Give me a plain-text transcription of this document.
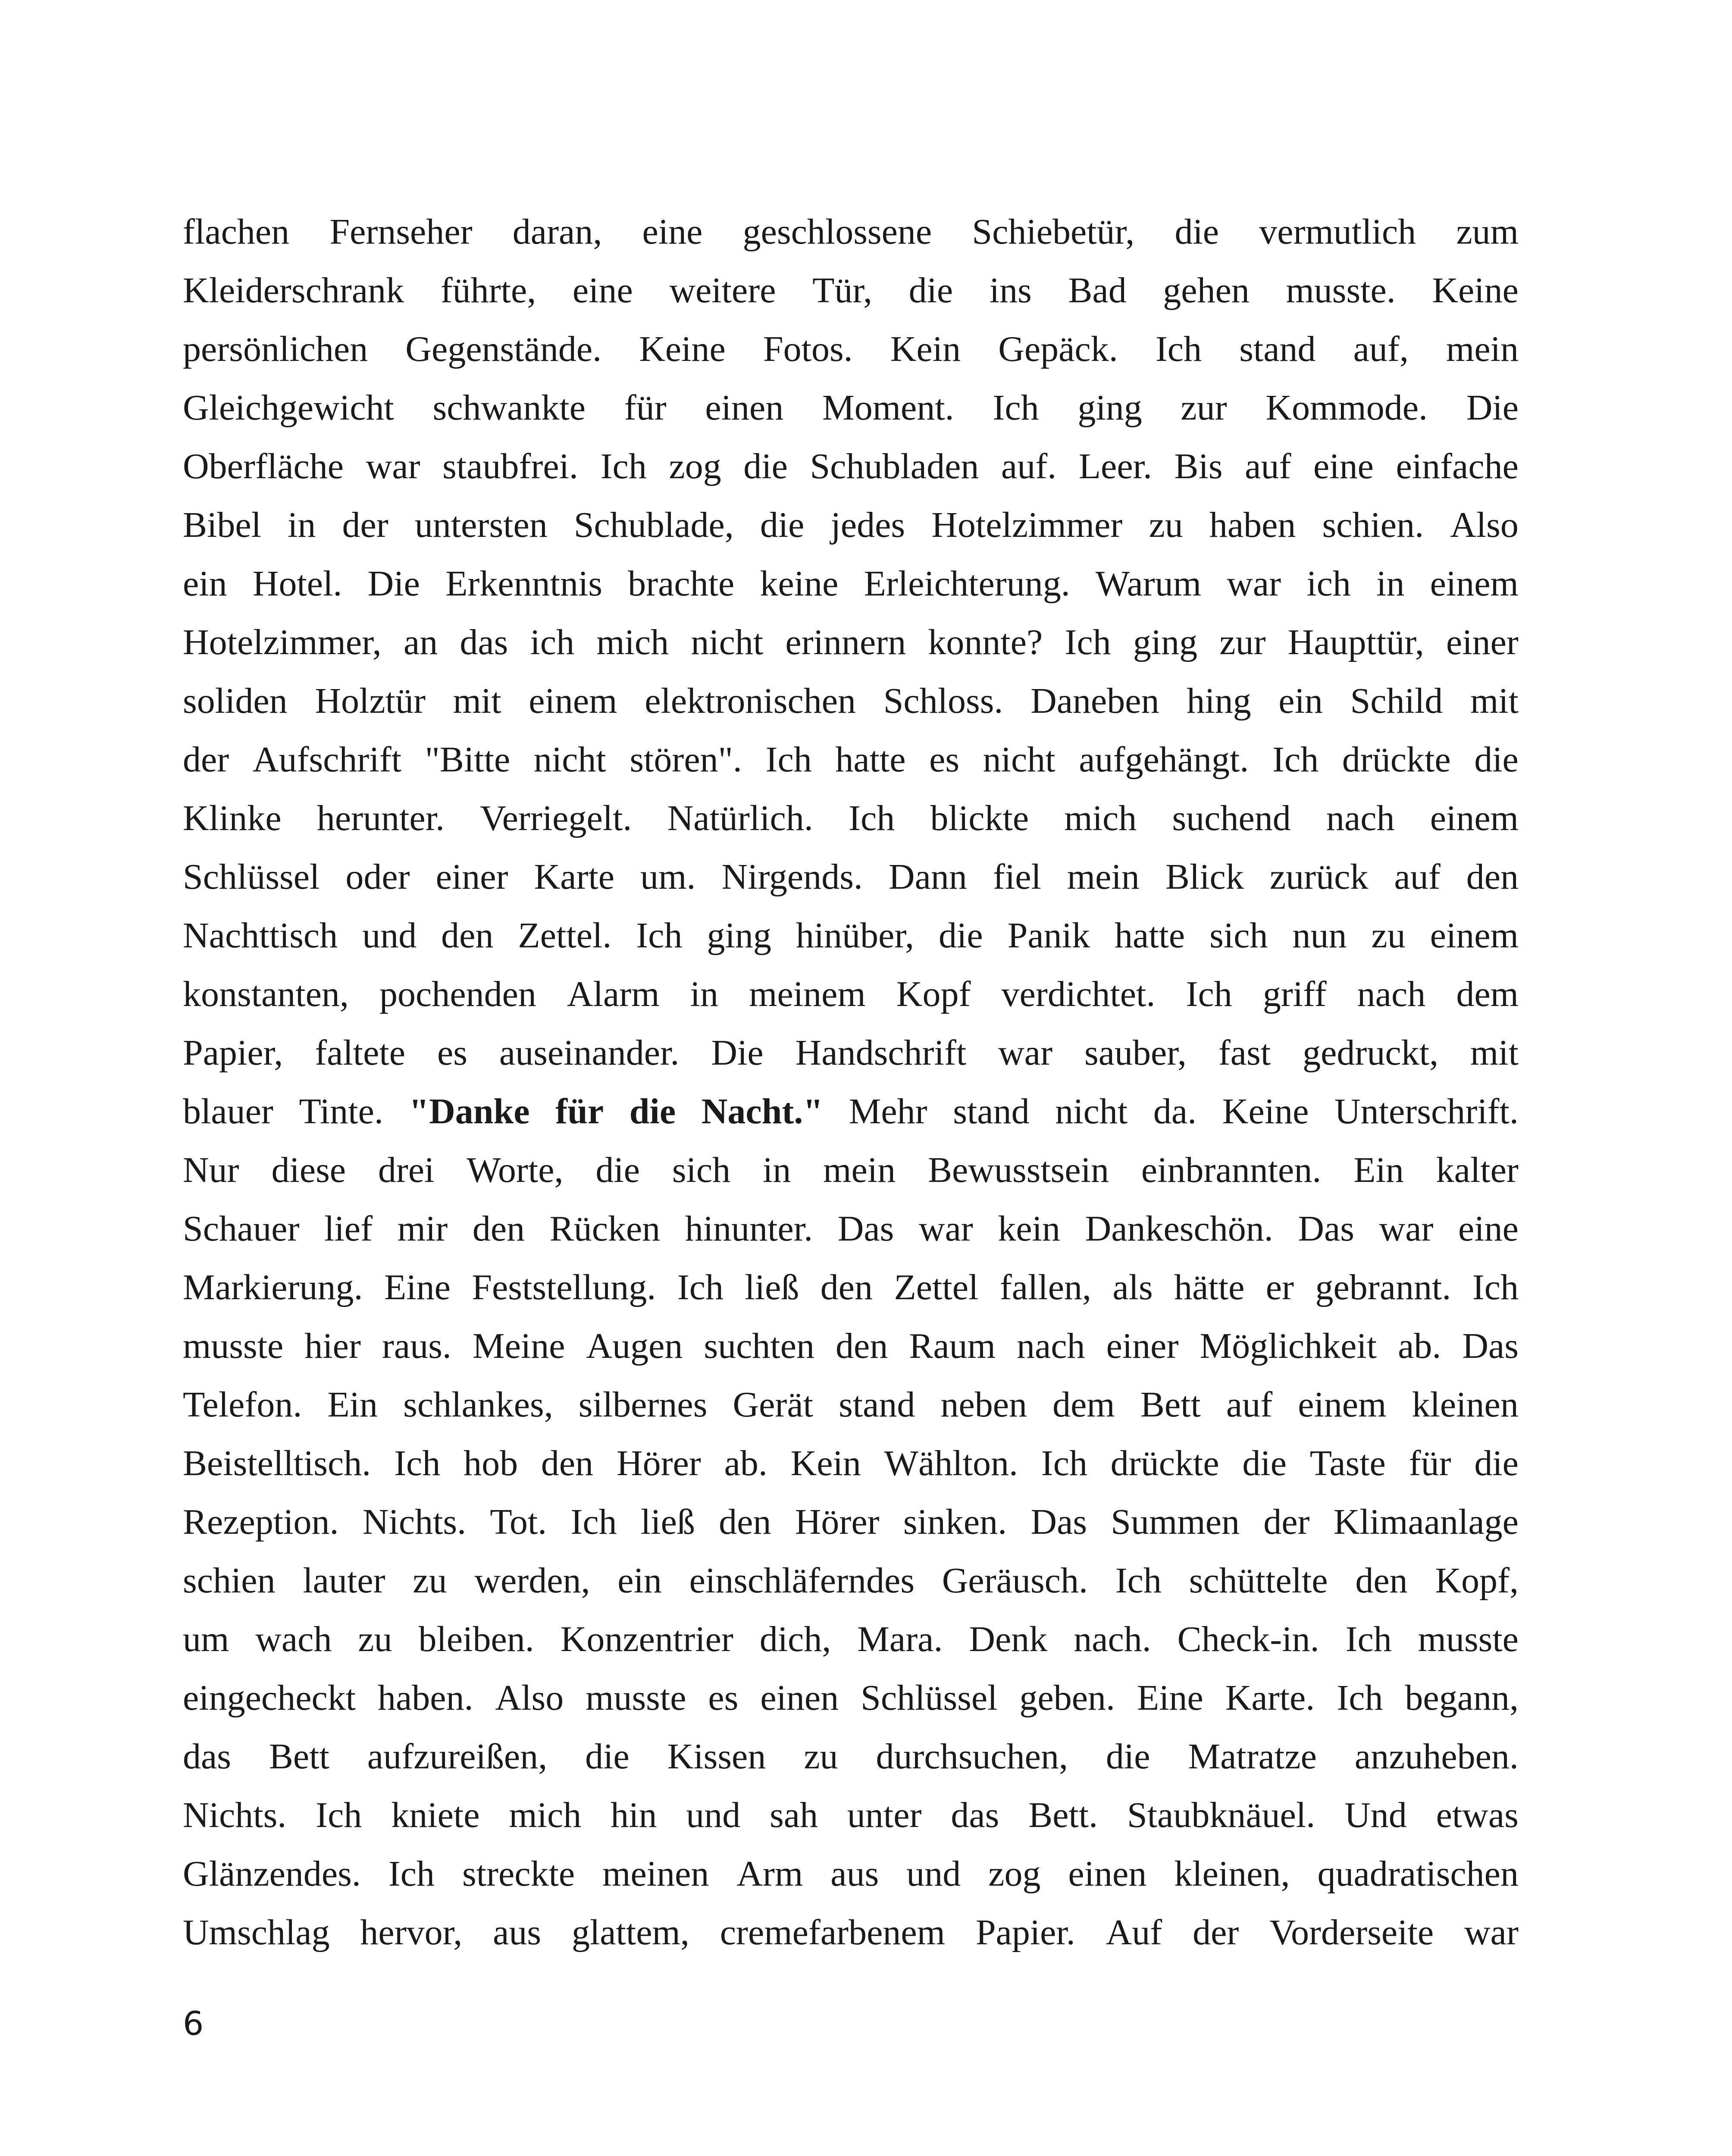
flachen Fernseher daran, eine geschlossene Schiebetür, die vermutlich zum
Kleiderschrank führte, eine weitere Tür, die ins Bad gehen musste. Keine
persönlichen Gegenstände. Keine Fotos. Kein Gepäck. Ich stand auf, mein
Gleichgewicht schwankte für einen Moment. Ich ging zur Kommode. Die
Oberfläche war staubfrei. Ich zog die Schubladen auf. Leer. Bis auf eine einfache
Bibel in der untersten Schublade, die jedes Hotelzimmer zu haben schien. Also
ein Hotel. Die Erkenntnis brachte keine Erleichterung. Warum war ich in einem
Hotelzimmer, an das ich mich nicht erinnern konnte? Ich ging zur Haupttür, einer
soliden Holztür mit einem elektronischen Schloss. Daneben hing ein Schild mit
der Aufschrift "Bitte nicht stören". Ich hatte es nicht aufgehängt. Ich drückte die
Klinke herunter. Verriegelt. Natürlich. Ich blickte mich suchend nach einem
Schlüssel oder einer Karte um. Nirgends. Dann fiel mein Blick zurück auf den
Nachttisch und den Zettel. Ich ging hinüber, die Panik hatte sich nun zu einem
konstanten, pochenden Alarm in meinem Kopf verdichtet. Ich griff nach dem
Papier, faltete es auseinander. Die Handschrift war sauber, fast gedruckt, mit
blauer Tinte. "Danke für die Nacht." Mehr stand nicht da. Keine Unterschrift.
Nur diese drei Worte, die sich in mein Bewusstsein einbrannten. Ein kalter
Schauer lief mir den Rücken hinunter. Das war kein Dankeschön. Das war eine
Markierung. Eine Feststellung. Ich ließ den Zettel fallen, als hätte er gebrannt. Ich
musste hier raus. Meine Augen suchten den Raum nach einer Möglichkeit ab. Das
Telefon. Ein schlankes, silbernes Gerät stand neben dem Bett auf einem kleinen
Beistelltisch. Ich hob den Hörer ab. Kein Wählton. Ich drückte die Taste für die
Rezeption. Nichts. Tot. Ich ließ den Hörer sinken. Das Summen der Klimaanlage
schien lauter zu werden, ein einschläferndes Geräusch. Ich schüttelte den Kopf,
um wach zu bleiben. Konzentrier dich, Mara. Denk nach. Check-in. Ich musste
eingecheckt haben. Also musste es einen Schlüssel geben. Eine Karte. Ich begann,
das Bett aufzureißen, die Kissen zu durchsuchen, die Matratze anzuheben.
Nichts. Ich kniete mich hin und sah unter das Bett. Staubknäuel. Und etwas
Glänzendes. Ich streckte meinen Arm aus und zog einen kleinen, quadratischen
Umschlag hervor, aus glattem, cremefarbenem Papier. Auf der Vorderseite war
6
